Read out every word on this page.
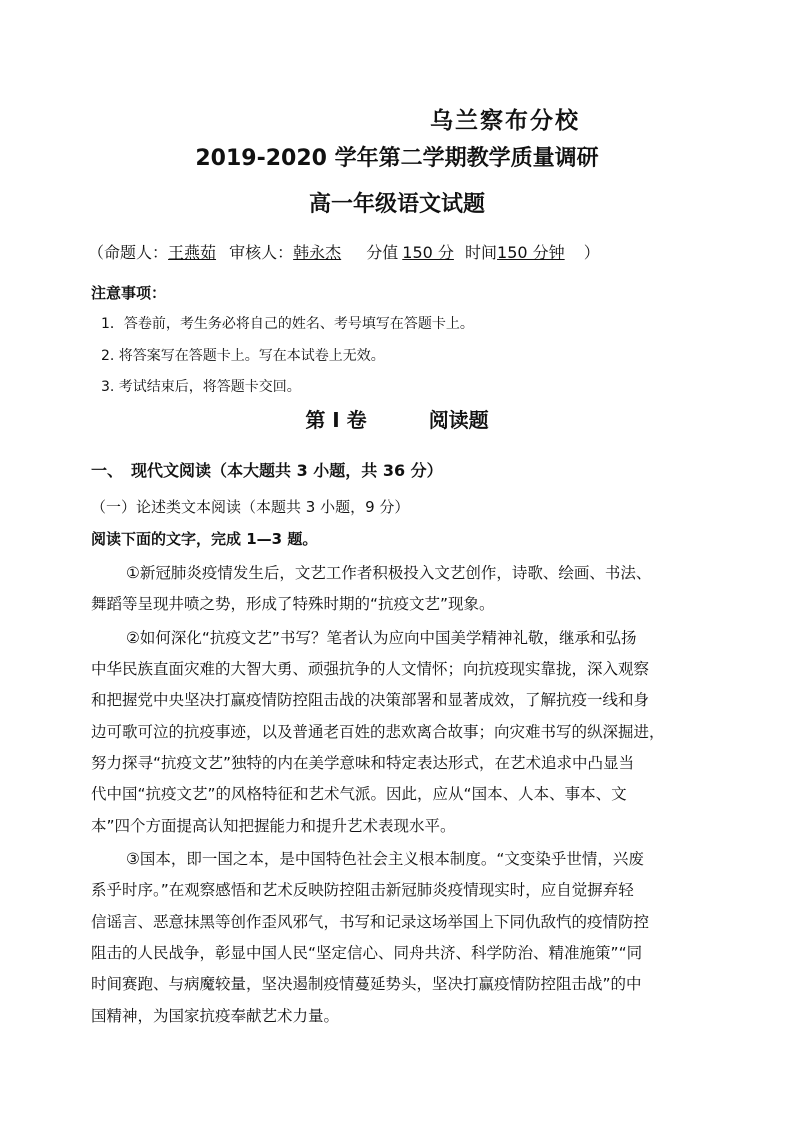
乌兰察布分校
2019-2020 学年第二学期教学质量调研
高一年级语文试题
（命题人：王燕茹 审核人：韩永杰 分值 150 分 时间150 分钟 ）
注意事项：
1．答卷前，考生务必将自己的姓名、考号填写在答题卡上。
2. 将答案写在答题卡上。写在本试卷上无效。
3. 考试结束后，将答题卡交回。
第 I 卷	阅读题
一、　现代文阅读（本大题共 3 小题，共 36 分）
（一）论述类文本阅读（本题共 3 小题，9 分）
阅读下面的文字，完成 1—3 题。
①新冠肺炎疫情发生后，文艺工作者积极投入文艺创作，诗歌、绘画、书法、
舞蹈等呈现井喷之势，形成了特殊时期的“抗疫文艺”现象。
②如何深化“抗疫文艺”书写？笔者认为应向中国美学精神礼敬，继承和弘扬
中华民族直面灾难的大智大勇、顽强抗争的人文情怀；向抗疫现实靠拢，深入观察
和把握党中央坚决打赢疫情防控阻击战的决策部署和显著成效，了解抗疫一线和身
边可歌可泣的抗疫事迹，以及普通老百姓的悲欢离合故事；向灾难书写的纵深掘进，
努力探寻“抗疫文艺”独特的内在美学意味和特定表达形式，在艺术追求中凸显当
代中国“抗疫文艺”的风格特征和艺术气派。因此，应从“国本、人本、事本、文
本”四个方面提高认知把握能力和提升艺术表现水平。
③国本，即一国之本，是中国特色社会主义根本制度。“文变染乎世情，兴废
系乎时序。”在观察感悟和艺术反映防控阻击新冠肺炎疫情现实时，应自觉摒弃轻
信谣言、恶意抹黑等创作歪风邪气，书写和记录这场举国上下同仇敌忾的疫情防控
阻击的人民战争，彰显中国人民“坚定信心、同舟共济、科学防治、精准施策”“同
时间赛跑、与病魔较量，坚决遏制疫情蔓延势头，坚决打赢疫情防控阻击战”的中
国精神，为国家抗疫奉献艺术力量。
